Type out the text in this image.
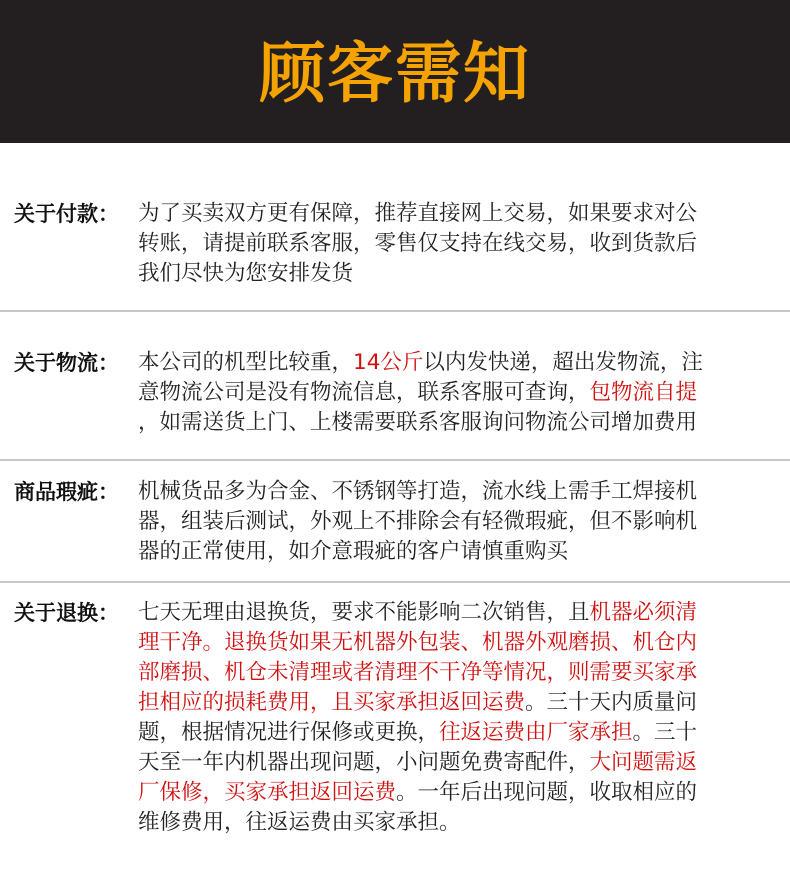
顾客需知
关于付款： 为了买卖双方更有保障，推荐直接网上交易，如果要求对公
转账，请提前联系客服，零售仅支持在线交易，收到货款后
我们尽快为您安排发货
关于物流： 本公司的机型比较重，14公斤以内发快递，超出发物流，注
意物流公司是没有物流信息，联系客服可查询，包物流自提
，如需送货上门、上楼需要联系客服询问物流公司增加费用
商品瑕疵： 机械货品多为合金、不锈钢等打造，流水线上需手工焊接机
器，组装后测试，外观上不排除会有轻微瑕疵，但不影响机
器的正常使用，如介意瑕疵的客户请慎重购买
关于退换： 七天无理由退换货，要求不能影响二次销售，且机器必须清
理干净。退换货如果无机器外包装、机器外观磨损、机仓内
部磨损、机仓未清理或者清理不干净等情况，则需要买家承
担相应的损耗费用，且买家承担返回运费。三十天内质量问
题，根据情况进行保修或更换，往返运费由厂家承担。三十
天至一年内机器出现问题，小问题免费寄配件，大问题需返
厂保修，买家承担返回运费。一年后出现问题，收取相应的
维修费用，往返运费由买家承担。
